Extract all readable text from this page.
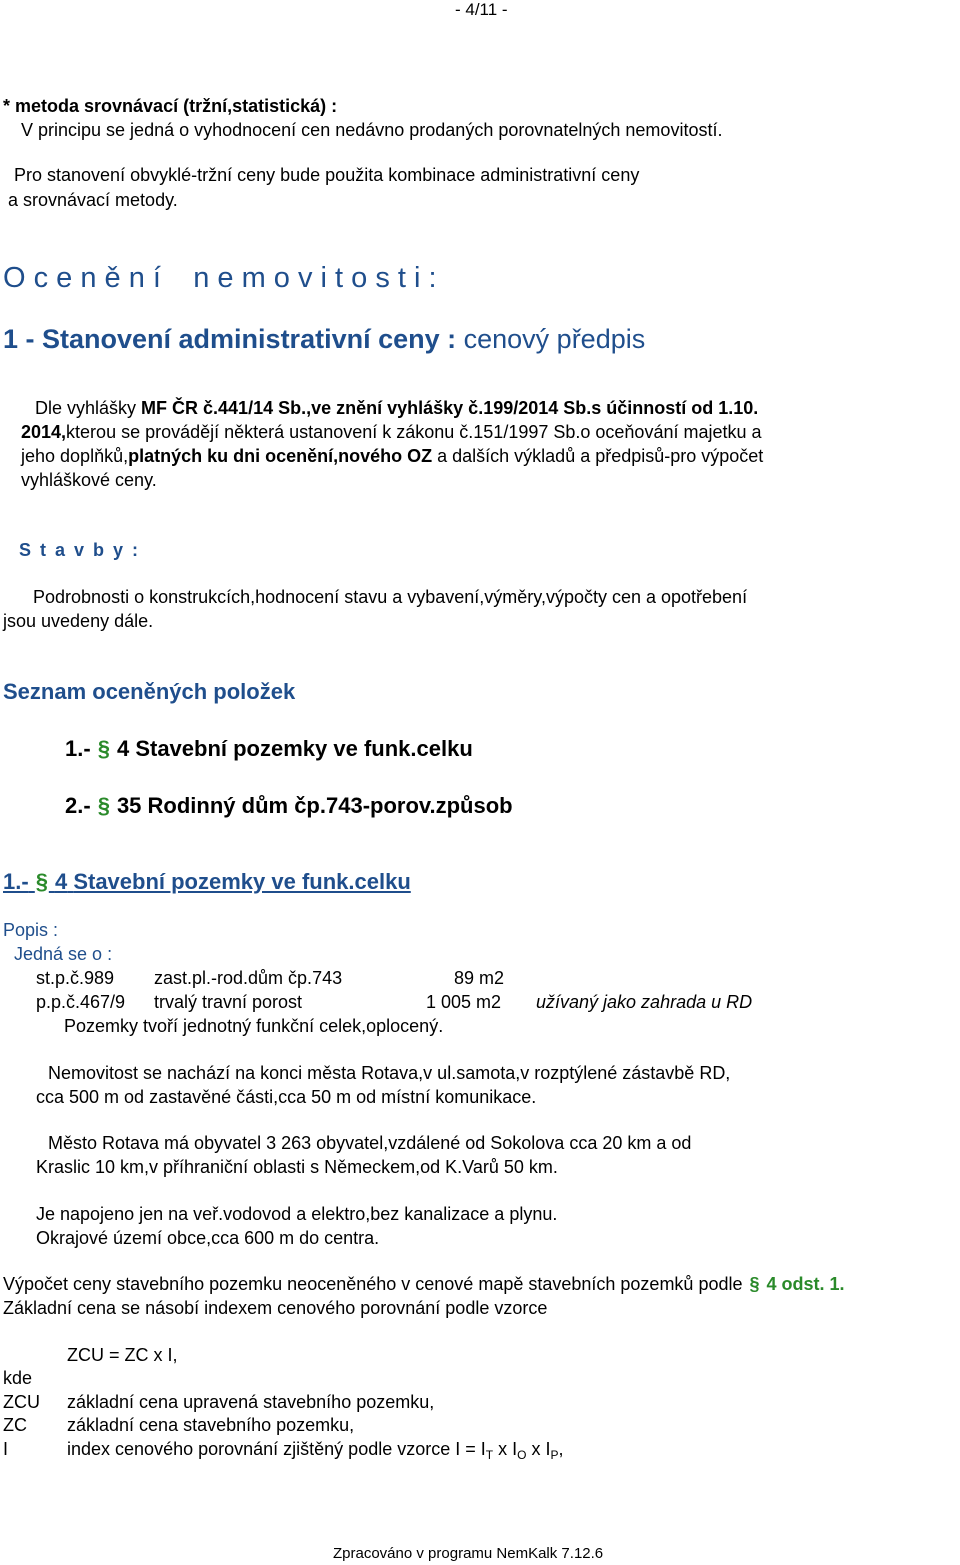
- 4/11 -
* metoda srovnávací (tržní,statistická) :
V principu se jedná o vyhodnocení cen nedávno prodaných porovnatelných nemovitostí.
Pro stanovení obvyklé-tržní ceny bude použita kombinace administrativní ceny
a srovnávací metody.
O c e n ě n í    n e m o v i t o s t i :
1 - Stanovení administrativní ceny : cenový předpis
Dle vyhlášky MF ČR č.441/14 Sb.,ve znění vyhlášky č.199/2014 Sb.s účinností od 1.10.
2014,kterou se provádějí některá ustanovení k zákonu č.151/1997 Sb.o oceňování majetku a
jeho doplňků,platných ku dni ocenění,nového OZ a dalších výkladů a předpisů-pro výpočet
vyhláškové ceny.
S t a v b y :
Podrobnosti o konstrukcích,hodnocení stavu a vybavení,výměry,výpočty cen a opotřebení
jsou uvedeny dále.
Seznam oceněných položek
1.- § 4 Stavební pozemky ve funk.celku
2.- § 35 Rodinný dům čp.743-porov.způsob
1.- § 4 Stavební pozemky ve funk.celku
Popis :
Jedná se o :
st.p.č.989 zast.pl.-rod.dům čp.743	89 m2
p.p.č.467/9 trvalý travní porost	1 005 m2 užívaný jako zahrada u RD
Pozemky tvoří jednotný funkční celek,oplocený.
Nemovitost se nachází na konci města Rotava,v ul.samota,v rozptýlené zástavbě RD,
cca 500 m od zastavěné části,cca 50 m od místní komunikace.
Město Rotava má obyvatel 3 263 obyvatel,vzdálené od Sokolova cca 20 km a od
Kraslic 10 km,v příhraniční oblasti s Německem,od K.Varů 50 km.
Je napojeno jen na veř.vodovod a elektro,bez kanalizace a plynu.
Okrajové území obce,cca 600 m do centra.
Výpočet ceny stavebního pozemku neoceněného v cenové mapě stavebních pozemků podle § 4 odst. 1.
Základní cena se násobí indexem cenového porovnání podle vzorce
ZCU = ZC x I,
kde
ZCU základní cena upravená stavebního pozemku,
ZC základní cena stavebního pozemku,
I	index cenového porovnání zjištěný podle vzorce $I = I_T$ x $I_O$ x $I_P$,
Zpracováno v programu NemKalk 7.12.6
